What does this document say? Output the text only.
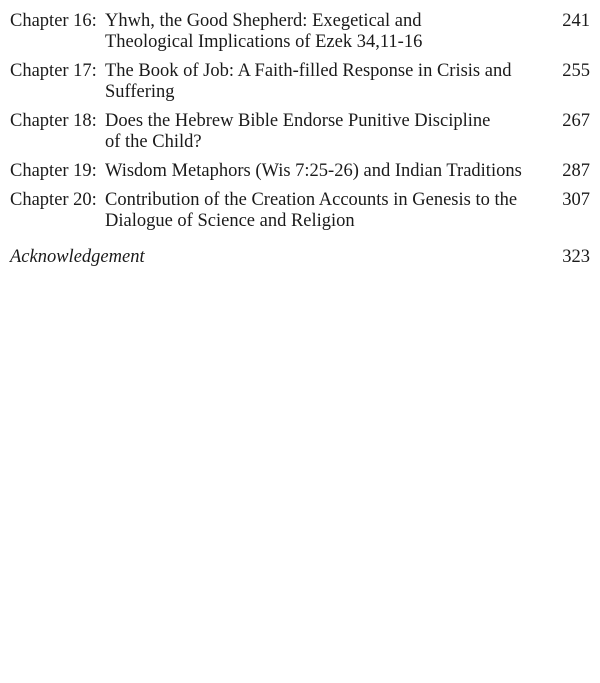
Chapter 16: Yhwh, the Good Shepherd: Exegetical and
Theological Implications of Ezek 34,11-16
241
Chapter 17: The Book of Job: A Faith-filled Response in Crisis and
Suffering
255
Chapter 18: Does the Hebrew Bible Endorse Punitive Discipline
of the Child?
267
Chapter 19: Wisdom Metaphors (Wis 7:25-26) and Indian Traditions	287
Chapter 20: Contribution of the Creation Accounts in Genesis to the
Dialogue of Science and Religion
307
Acknowledgement	323
